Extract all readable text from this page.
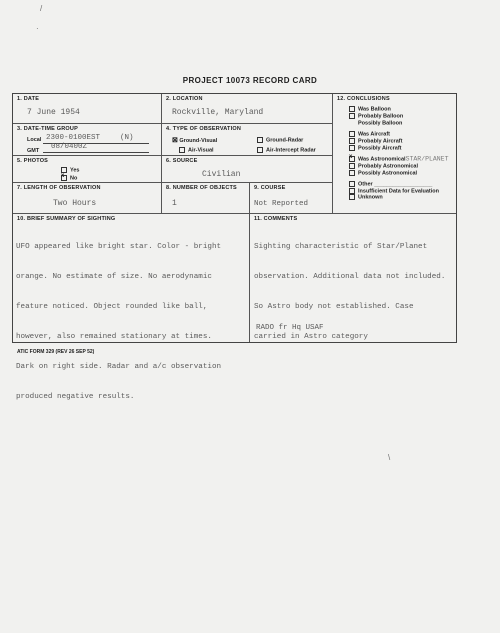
/
·
PROJECT 10073 RECORD CARD
1. DATE
7 June 1954
2. LOCATION
Rockville, Maryland
3. DATE-TIME GROUP
Local 2300-0100EST	(N)
08/0400Z
GMT
4. TYPE OF OBSERVATION
⊠ Ground-Visual	Ground-Radar
Air-Visual	Air-Intercept Radar
5. PHOTOS
Yes
x No
6. SOURCE
Civilian
7. LENGTH OF OBSERVATION
Two Hours
8. NUMBER OF OBJECTS
1
9. COURSE
Not Reported
12. CONCLUSIONS
Was Balloon
Probably Balloon
Possibly Balloon
Was Aircraft
Probably Aircraft
Possibly Aircraft
x Was AstronomicalSTAR/PLANET
Probably Astronomical
Possibly Astronomical
Other ___________________
Insufficient Data for Evaluation
Unknown
10. BRIEF SUMMARY OF SIGHTING

UFO appeared like bright star. Color - bright

orange. No estimate of size. No aerodynamic

feature noticed. Object rounded like ball,

however, also remained stationary at times.

Dark on right side. Radar and a/c observation

produced negative results.

11. COMMENTS

Sighting characteristic of Star/Planet

observation. Additional data not included.

So Astro body not established. Case

carried in Astro category

RADO fr Hq USAF
ATIC FORM 329 (REV 26 SEP 52)
\
